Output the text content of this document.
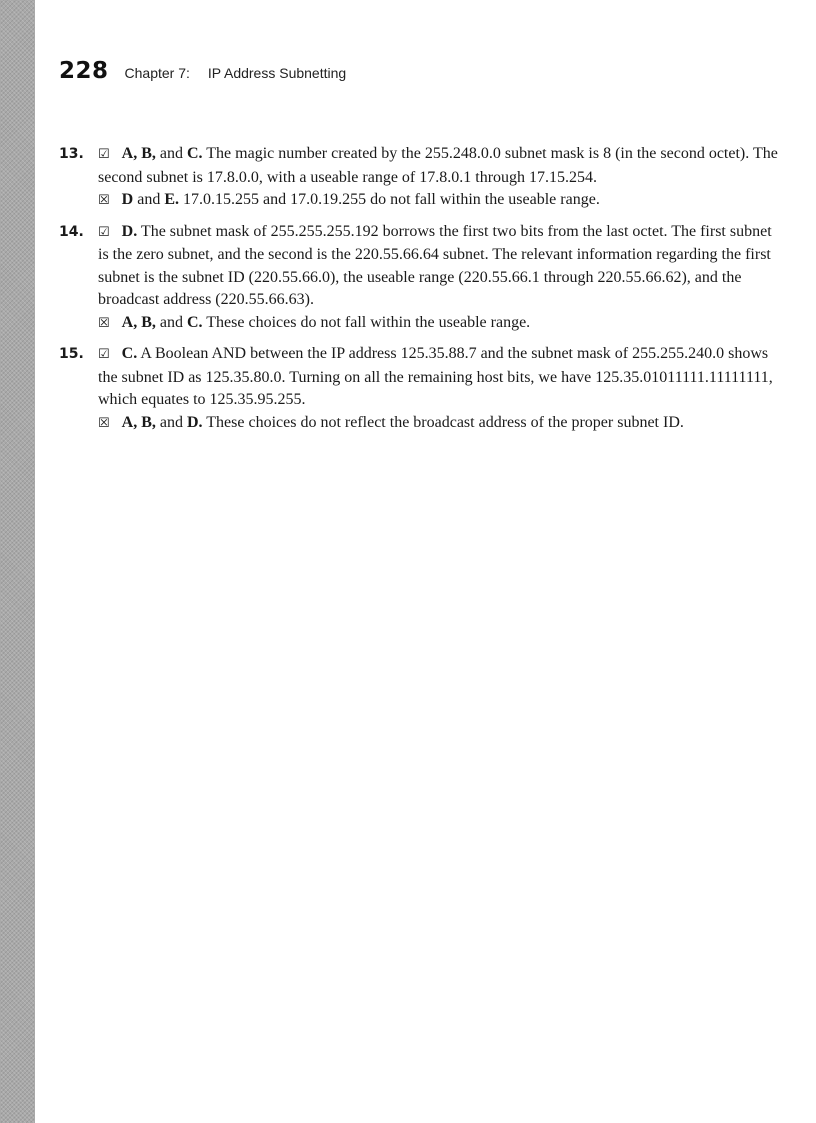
228 Chapter 7: IP Address Subnetting
13. ☑ A, B, and C. The magic number created by the 255.248.0.0 subnet mask is 8 (in the second octet). The second subnet is 17.8.0.0, with a useable range of 17.8.0.1 through 17.15.254.
☒ D and E. 17.0.15.255 and 17.0.19.255 do not fall within the useable range.
14. ☑ D. The subnet mask of 255.255.255.192 borrows the first two bits from the last octet. The first subnet is the zero subnet, and the second is the 220.55.66.64 subnet. The relevant information regarding the first subnet is the subnet ID (220.55.66.0), the useable range (220.55.66.1 through 220.55.66.62), and the broadcast address (220.55.66.63).
☒ A, B, and C. These choices do not fall within the useable range.
15. ☑ C. A Boolean AND between the IP address 125.35.88.7 and the subnet mask of 255.255.240.0 shows the subnet ID as 125.35.80.0. Turning on all the remaining host bits, we have 125.35.01011111.11111111, which equates to 125.35.95.255.
☒ A, B, and D. These choices do not reflect the broadcast address of the proper subnet ID.
